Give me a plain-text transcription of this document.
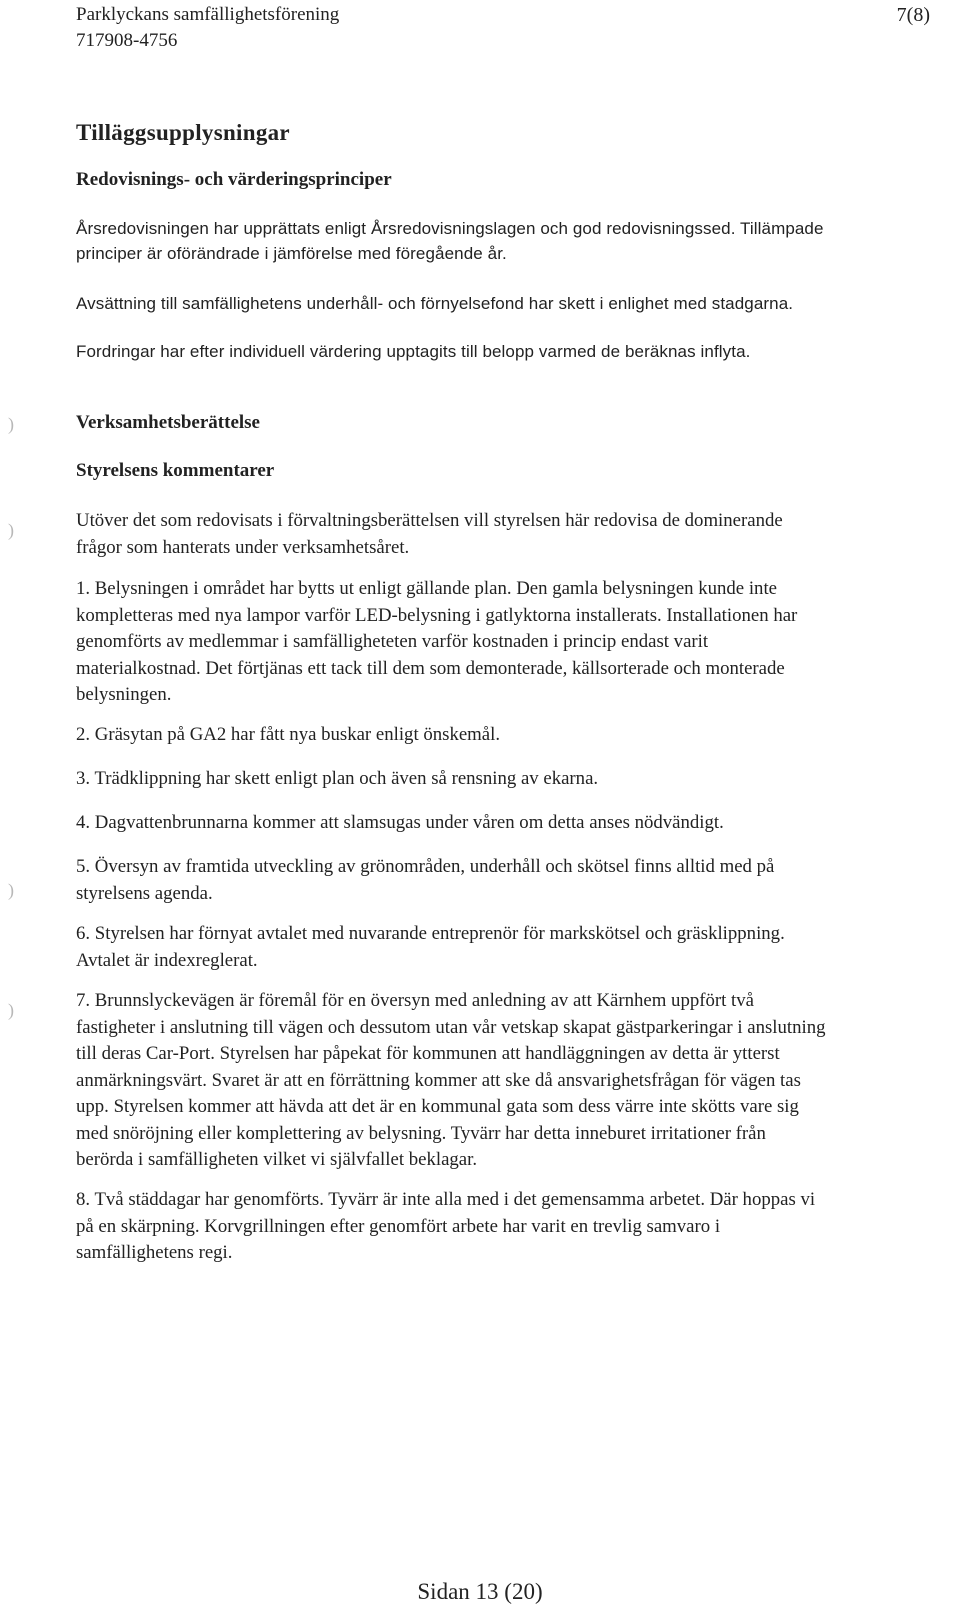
Parklyckans samfällighetsförening
717908-4756
7(8)
Tilläggsupplysningar
Redovisnings- och värderingsprinciper
Årsredovisningen har upprättats enligt Årsredovisningslagen och god redovisningssed. Tillämpade
principer är oförändrade i jämförelse med föregående år.
Avsättning till samfällighetens underhåll- och förnyelsefond har skett i enlighet med stadgarna.
Fordringar har efter individuell värdering upptagits till belopp varmed de beräknas inflyta.
Verksamhetsberättelse
Styrelsens kommentarer
Utöver det som redovisats i förvaltningsberättelsen vill styrelsen här redovisa de dominerande
frågor som hanterats under verksamhetsåret.
1. Belysningen i området har bytts ut enligt gällande plan. Den gamla belysningen kunde inte
kompletteras med nya lampor varför LED-belysning i gatlyktorna installerats. Installationen har
genomförts av medlemmar i samfälligheteten varför kostnaden i princip endast varit
materialkostnad. Det förtjänas ett tack till dem som demonterade, källsorterade och monterade
belysningen.
2. Gräsytan på GA2 har fått nya buskar enligt önskemål.
3. Trädklippning har skett enligt plan och även så rensning av ekarna.
4. Dagvattenbrunnarna kommer att slamsugas under våren om detta anses nödvändigt.
5. Översyn av framtida utveckling av grönområden, underhåll och skötsel finns alltid med på
styrelsens agenda.
6. Styrelsen har förnyat avtalet med nuvarande entreprenör för markskötsel och gräsklippning.
Avtalet är indexreglerat.
7. Brunnslyckevägen är föremål för en översyn med anledning av att Kärnhem uppfört två
fastigheter i anslutning till vägen och dessutom utan vår vetskap skapat gästparkeringar i anslutning
till deras Car-Port. Styrelsen har påpekat för kommunen att handläggningen av detta är ytterst
anmärkningsvärt. Svaret är att en förrättning kommer att ske då ansvarighetsfrågan för vägen tas
upp. Styrelsen kommer att hävda att det är en kommunal gata som dess värre inte skötts vare sig
med snöröjning eller komplettering av belysning. Tyvärr har detta inneburet irritationer från
berörda i samfälligheten vilket vi självfallet beklagar.
8. Två städdagar har genomförts. Tyvärr är inte alla med i det gemensamma arbetet. Där hoppas vi
på en skärpning. Korvgrillningen efter genomfört arbete har varit en trevlig samvaro i
samfällighetens regi.
)
)
)
)
Sidan 13 (20)
